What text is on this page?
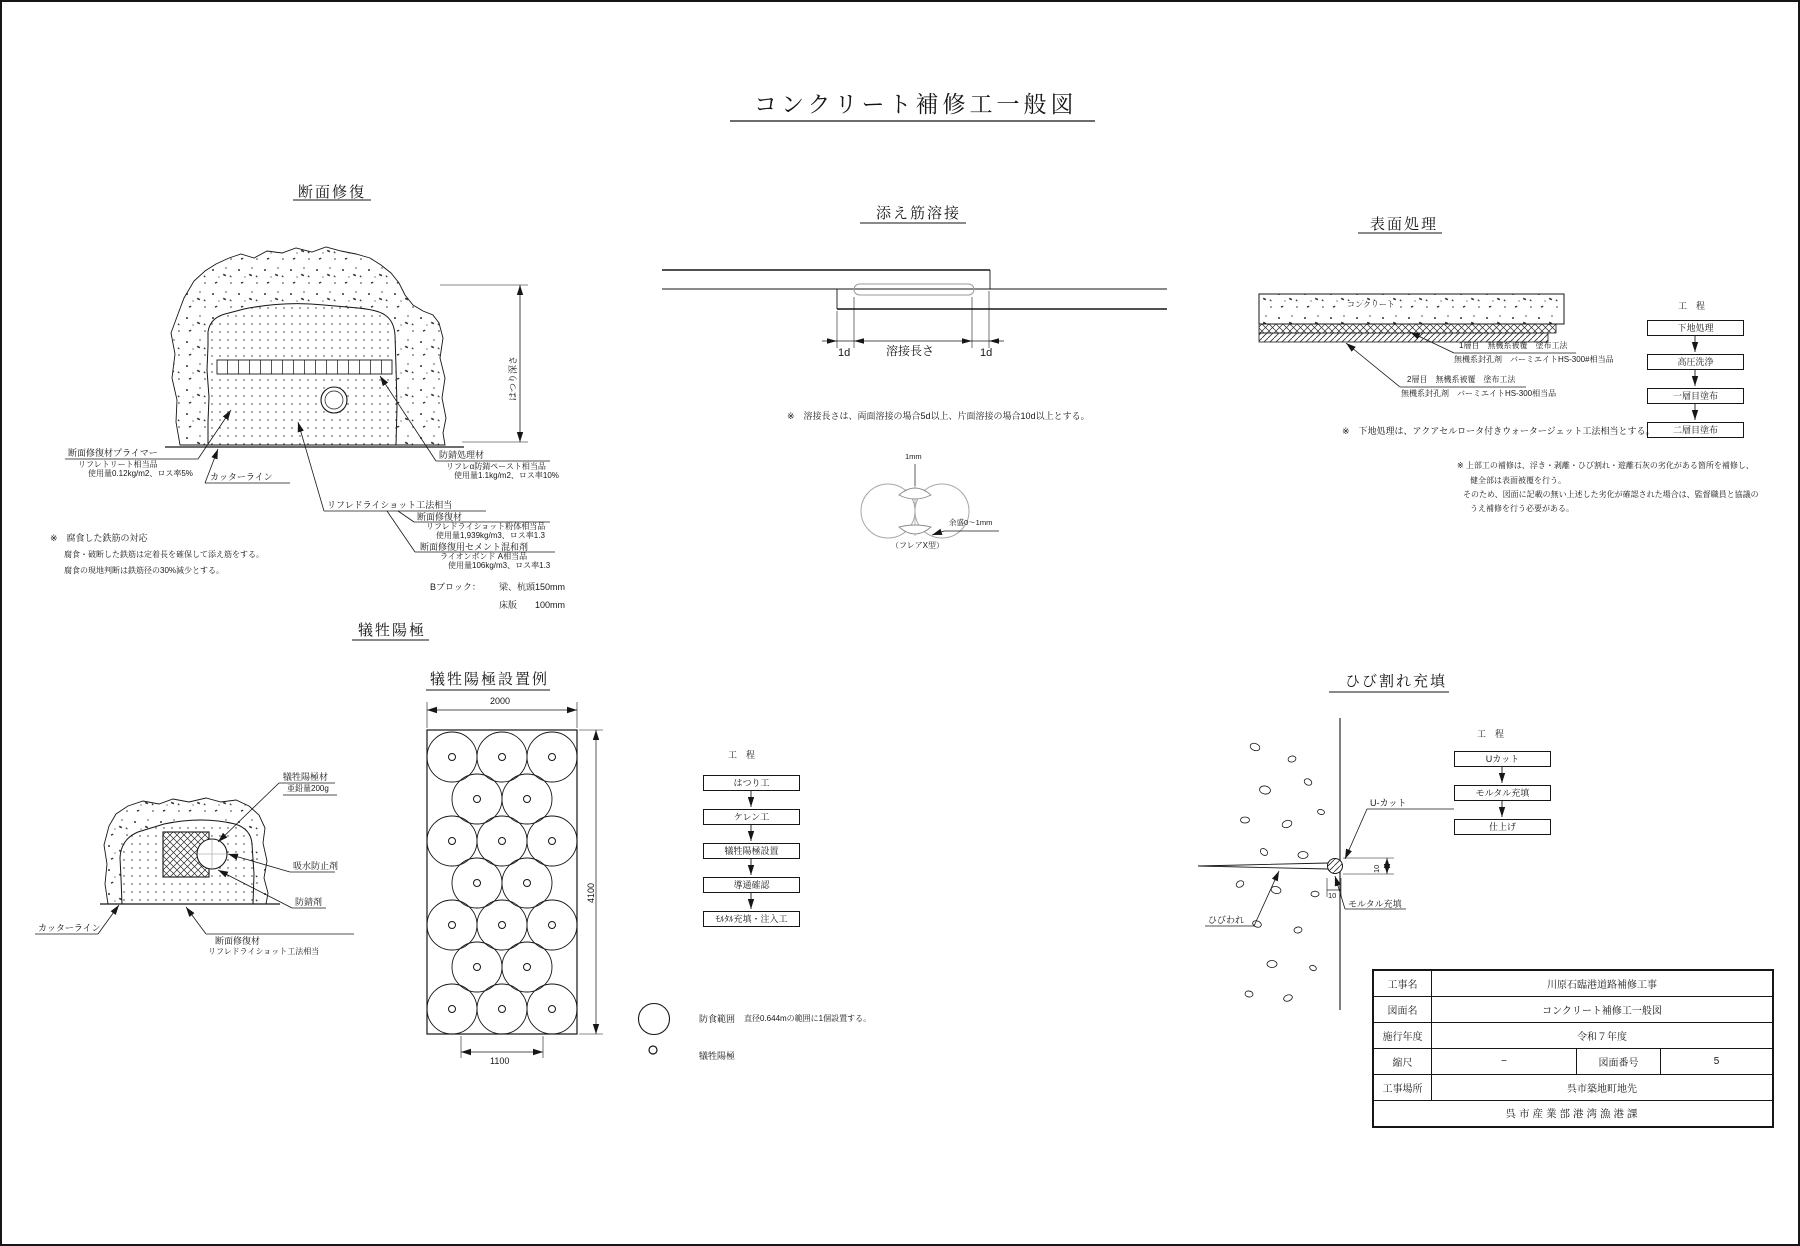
コンクリート補修工一般図
断面修復
添え筋溶接
表面処理
犠牲陽極
犠牲陽極設置例	ひび割れ充填
断面修復材プライマー
リフレトリート相当品
使用量0.12kg/m2、ロス率5% カッターライン
防錆処理材
リフレα防錆ペースト相当品
使用量1.1kg/m2、ロス率10%
リフレドライショット工法相当
断面修復材
リフレドライショット粉体相当品
使用量1,939kg/m3、ロス率1.3
断面修復用セメント混和剤
ライオンボンド A相当品
使用量106kg/m3、ロス率1.3
Bブロック： 梁、杭頭 150mm
床版 100mm
※　腐食した鉄筋の対応
腐食・破断した鉄筋は定着長を確保して添え筋をする。
腐食の現地判断は鉄筋径の30%減少とする。
はつり深さ
1d	溶接長さ	1d
※　溶接長さは、両面溶接の場合5d以上、片面溶接の場合10d以上とする。
1mm
余盛0～1mm
（フレアX型）
コンクリート
1層目　無機系被覆　塗布工法
無機系封孔剤　バーミエイトHS-300#相当品
2層目　無機系被覆　塗布工法
無機系封孔剤　バーミエイトHS-300相当品
工　程
下地処理
高圧洗浄
一層目塗布
二層目塗布
※　下地処理は、アクアセルロータ付きウォータージェット工法相当とする。
※ 上部工の補修は、浮き・剥離・ひび割れ・遊離石灰の劣化がある箇所を補修し、
健全部は表面被覆を行う。
そのため、図面に記載の無い上述した劣化が確認された場合は、監督職員と協議の
うえ補修を行う必要がある。
犠牲陽極材
亜鉛量200g
吸水防止剤
防錆剤
カッターライン
断面修復材
リフレドライショット工法相当
2000
4100
1100
工　程
はつり工
ケレン工
犠牲陽極設置
導通確認
ﾓﾙﾀﾙ充填・注入工
防食範囲 直径0.644mの範囲に1個設置する。
犠牲陽極
U-カット
モルタル充填
ひびわれ
10
10
工　程
Uカット
モルタル充填
仕上げ
工事名	川原石臨港道路補修工事
図面名	コンクリート補修工一般図
施行年度	令和７年度
縮尺	−	図面番号	5
工事場所	呉市築地町地先
呉市産業部港湾漁港課
